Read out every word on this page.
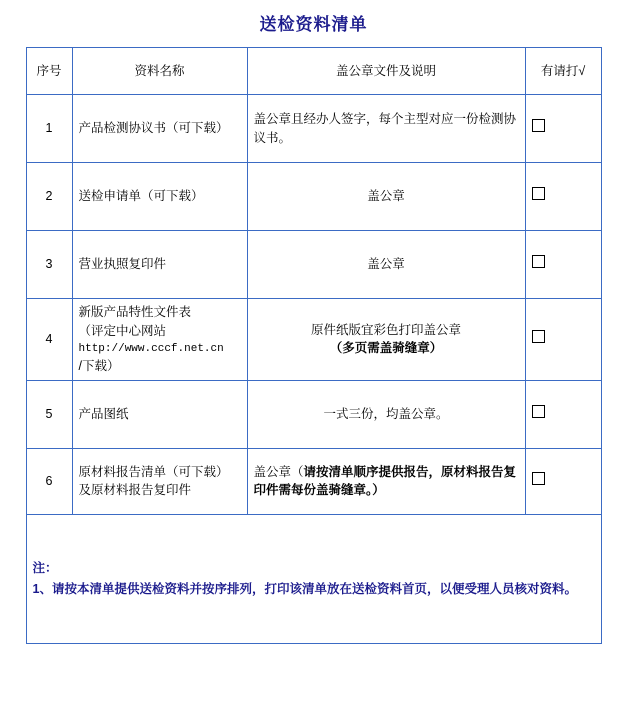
送检资料清单
序号	资料名称	盖公章文件及说明	有请打√
1	产品检测协议书（可下载）	盖公章且经办人签字，每个主型对应一份检测协议书。	
2	送检申请单（可下载）	盖公章	
3	营业执照复印件	盖公章	
4	新版产品特性文件表
（评定中心网站
http://www.cccf.net.cn
/下载）	原件纸版宜彩色打印盖公章
（多页需盖骑缝章）	

5	产品图纸	一式三份，均盖公章。	
6	原材料报告清单（可下载）
及原材料报告复印件	盖公章（请按清单顺序提供报告，原材料报告复印件需每份盖骑缝章。）	

注：
1、请按本清单提供送检资料并按序排列，打印该清单放在送检资料首页，以便受理人员核对资料。			
